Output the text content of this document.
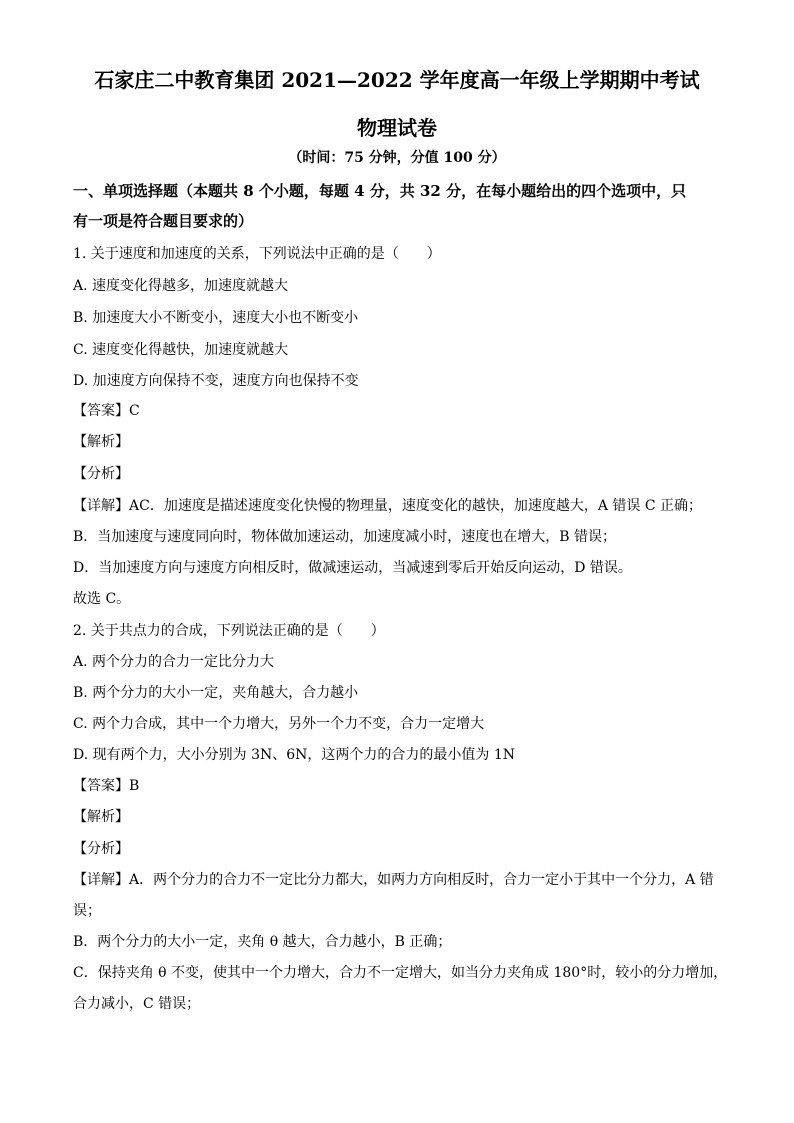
石家庄二中教育集团 2021—2022 学年度高一年级上学期期中考试
物理试卷
（时间：75 分钟，分值 100 分）
一、单项选择题（本题共 8 个小题，每题 4 分，共 32 分，在每小题给出的四个选项中，只
有一项是符合题目要求的）
1. 关于速度和加速度的关系，下列说法中正确的是（　　）
A. 速度变化得越多，加速度就越大
B. 加速度大小不断变小，速度大小也不断变小
C. 速度变化得越快，加速度就越大
D. 加速度方向保持不变，速度方向也保持不变
【答案】C
【解析】
【分析】
【详解】AC．加速度是描述速度变化快慢的物理量，速度变化的越快，加速度越大，A 错误 C 正确；
B．当加速度与速度同向时，物体做加速运动，加速度减小时，速度也在增大，B 错误；
D．当加速度方向与速度方向相反时，做减速运动，当减速到零后开始反向运动，D 错误。
故选 C。
2. 关于共点力的合成，下列说法正确的是（　　）
A. 两个分力的合力一定比分力大
B. 两个分力的大小一定，夹角越大，合力越小
C. 两个力合成，其中一个力增大，另外一个力不变，合力一定增大
D. 现有两个力，大小分别为 3N、6N，这两个力的合力的最小值为 1N
【答案】B
【解析】
【分析】
【详解】A．两个分力的合力不一定比分力都大，如两力方向相反时，合力一定小于其中一个分力，A 错
误；
B．两个分力的大小一定，夹角 θ 越大，合力越小，B 正确；
C．保持夹角 θ 不变，使其中一个力增大，合力不一定增大，如当分力夹角成 180°时，较小的分力增加，
合力减小，C 错误；
